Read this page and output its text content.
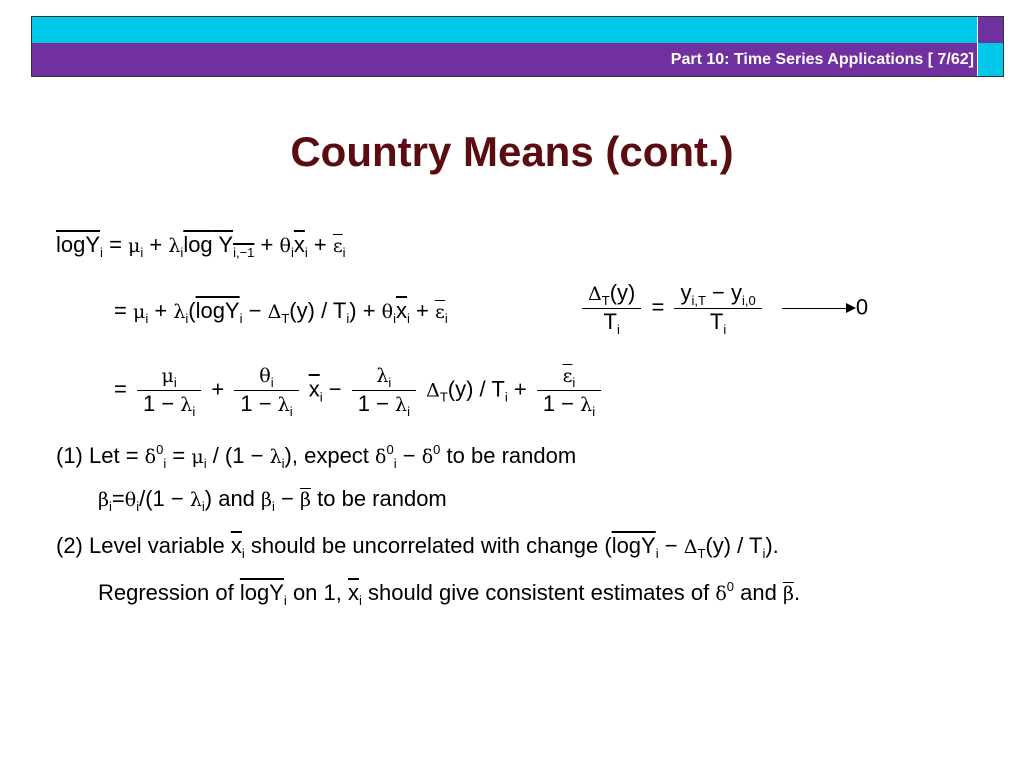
Part 10: Time Series Applications [ 7/62]
Country Means (cont.)
$\log Y_i = \mu_i + \lambda_i\log$ $Y_{i,-1} + \theta_i\overline{x}_i + \overline{\varepsilon}_i$
= $\mu_i + \lambda_i(\log Y_i - \Delta_T(y) / T_i) + \theta_i\overline{x}_i + \overline{\varepsilon}_i$	$\frac{\Delta_T(y)}{T_i} = \frac{y_{i,T} - y_{i,0}}{T_i}$	0
= $\frac{\mu_i}{1 - \lambda_i} + \frac{\theta_i}{1 - \lambda_i} \overline{x}_i - \frac{\lambda_i}{1 - \lambda_i} \Delta_T(y) / T_i + \frac{\overline{\varepsilon}_i}{1 - \lambda_i}$
(1) Let = $\delta^0_i = \mu_i / (1 - \lambda_i)$, expect $\delta^0_i - \delta^0$ to be random
$\beta_i=\theta_i/(1 - \lambda_i)$ and $\beta_i - \overline{\beta}$ to be random
(2) Level variable $\overline{x}_i$ should be uncorrelated with change $(\log Y_i - \Delta_T(y) / T_i)$.
Regression of logY$_i$ on 1, $\overline{x}_i$ should give consistent estimates of $\delta^0$ and $\overline{\beta}$.
